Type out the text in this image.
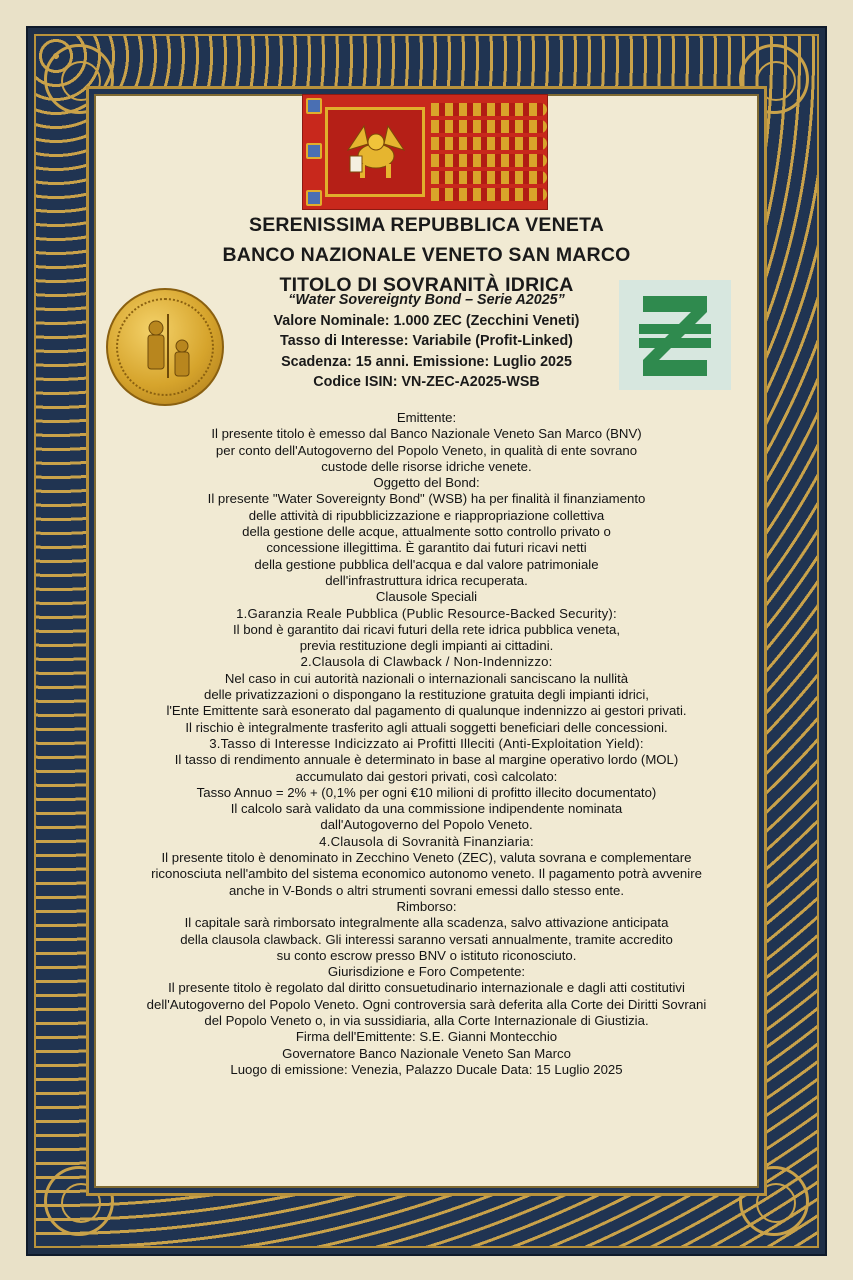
SERENISSIMA REPUBBLICA VENETA
BANCO NAZIONALE VENETO SAN MARCO
TITOLO DI SOVRANITÀ IDRICA
“Water Sovereignty Bond – Serie A2025”
Valore Nominale: 1.000 ZEC (Zecchini Veneti)
Tasso di Interesse: Variabile (Profit-Linked)
Scadenza: 15 anni. Emissione: Luglio 2025
Codice ISIN: VN-ZEC-A2025-WSB
Emittente:
Il presente titolo è emesso dal Banco Nazionale Veneto San Marco (BNV)
per conto dell'Autogoverno del Popolo Veneto, in qualità di ente sovrano
custode delle risorse idriche venete.
Oggetto del Bond:
Il presente "Water Sovereignty Bond" (WSB) ha per finalità il finanziamento
delle attività di ripubblicizzazione e riappropriazione collettiva
della gestione delle acque, attualmente sotto controllo privato o
concessione illegittima. È garantito dai futuri ricavi netti
della gestione pubblica dell'acqua e dal valore patrimoniale
dell'infrastruttura idrica recuperata.
Clausole Speciali
1.Garanzia Reale Pubblica (Public Resource-Backed Security):
Il bond è garantito dai ricavi futuri della rete idrica pubblica veneta,
previa restituzione degli impianti ai cittadini.
2.Clausola di Clawback / Non-Indennizzo:
Nel caso in cui autorità nazionali o internazionali sanciscano la nullità
delle privatizzazioni o dispongano la restituzione gratuita degli impianti idrici,
l'Ente Emittente sarà esonerato dal pagamento di qualunque indennizzo ai gestori privati.
Il rischio è integralmente trasferito agli attuali soggetti beneficiari delle concessioni.
3.Tasso di Interesse Indicizzato ai Profitti Illeciti (Anti-Exploitation Yield):
Il tasso di rendimento annuale è determinato in base al margine operativo lordo (MOL)
accumulato dai gestori privati, così calcolato:
Tasso Annuo = 2% + (0,1% per ogni €10 milioni di profitto illecito documentato)
Il calcolo sarà validato da una commissione indipendente nominata
dall'Autogoverno del Popolo Veneto.
4.Clausola di Sovranità Finanziaria:
Il presente titolo è denominato in Zecchino Veneto (ZEC), valuta sovrana e complementare
riconosciuta nell'ambito del sistema economico autonomo veneto. Il pagamento potrà avvenire
anche in V-Bonds o altri strumenti sovrani emessi dallo stesso ente.
Rimborso:
Il capitale sarà rimborsato integralmente alla scadenza, salvo attivazione anticipata
della clausola clawback. Gli interessi saranno versati annualmente, tramite accredito
su conto escrow presso BNV o istituto riconosciuto.
Giurisdizione e Foro Competente:
Il presente titolo è regolato dal diritto consuetudinario internazionale e dagli atti costitutivi
dell'Autogoverno del Popolo Veneto. Ogni controversia sarà deferita alla Corte dei Diritti Sovrani
del Popolo Veneto o, in via sussidiaria, alla Corte Internazionale di Giustizia.
Firma dell'Emittente: S.E. Gianni Montecchio
Governatore Banco Nazionale Veneto San Marco
Luogo di emissione: Venezia, Palazzo Ducale Data: 15 Luglio 2025
